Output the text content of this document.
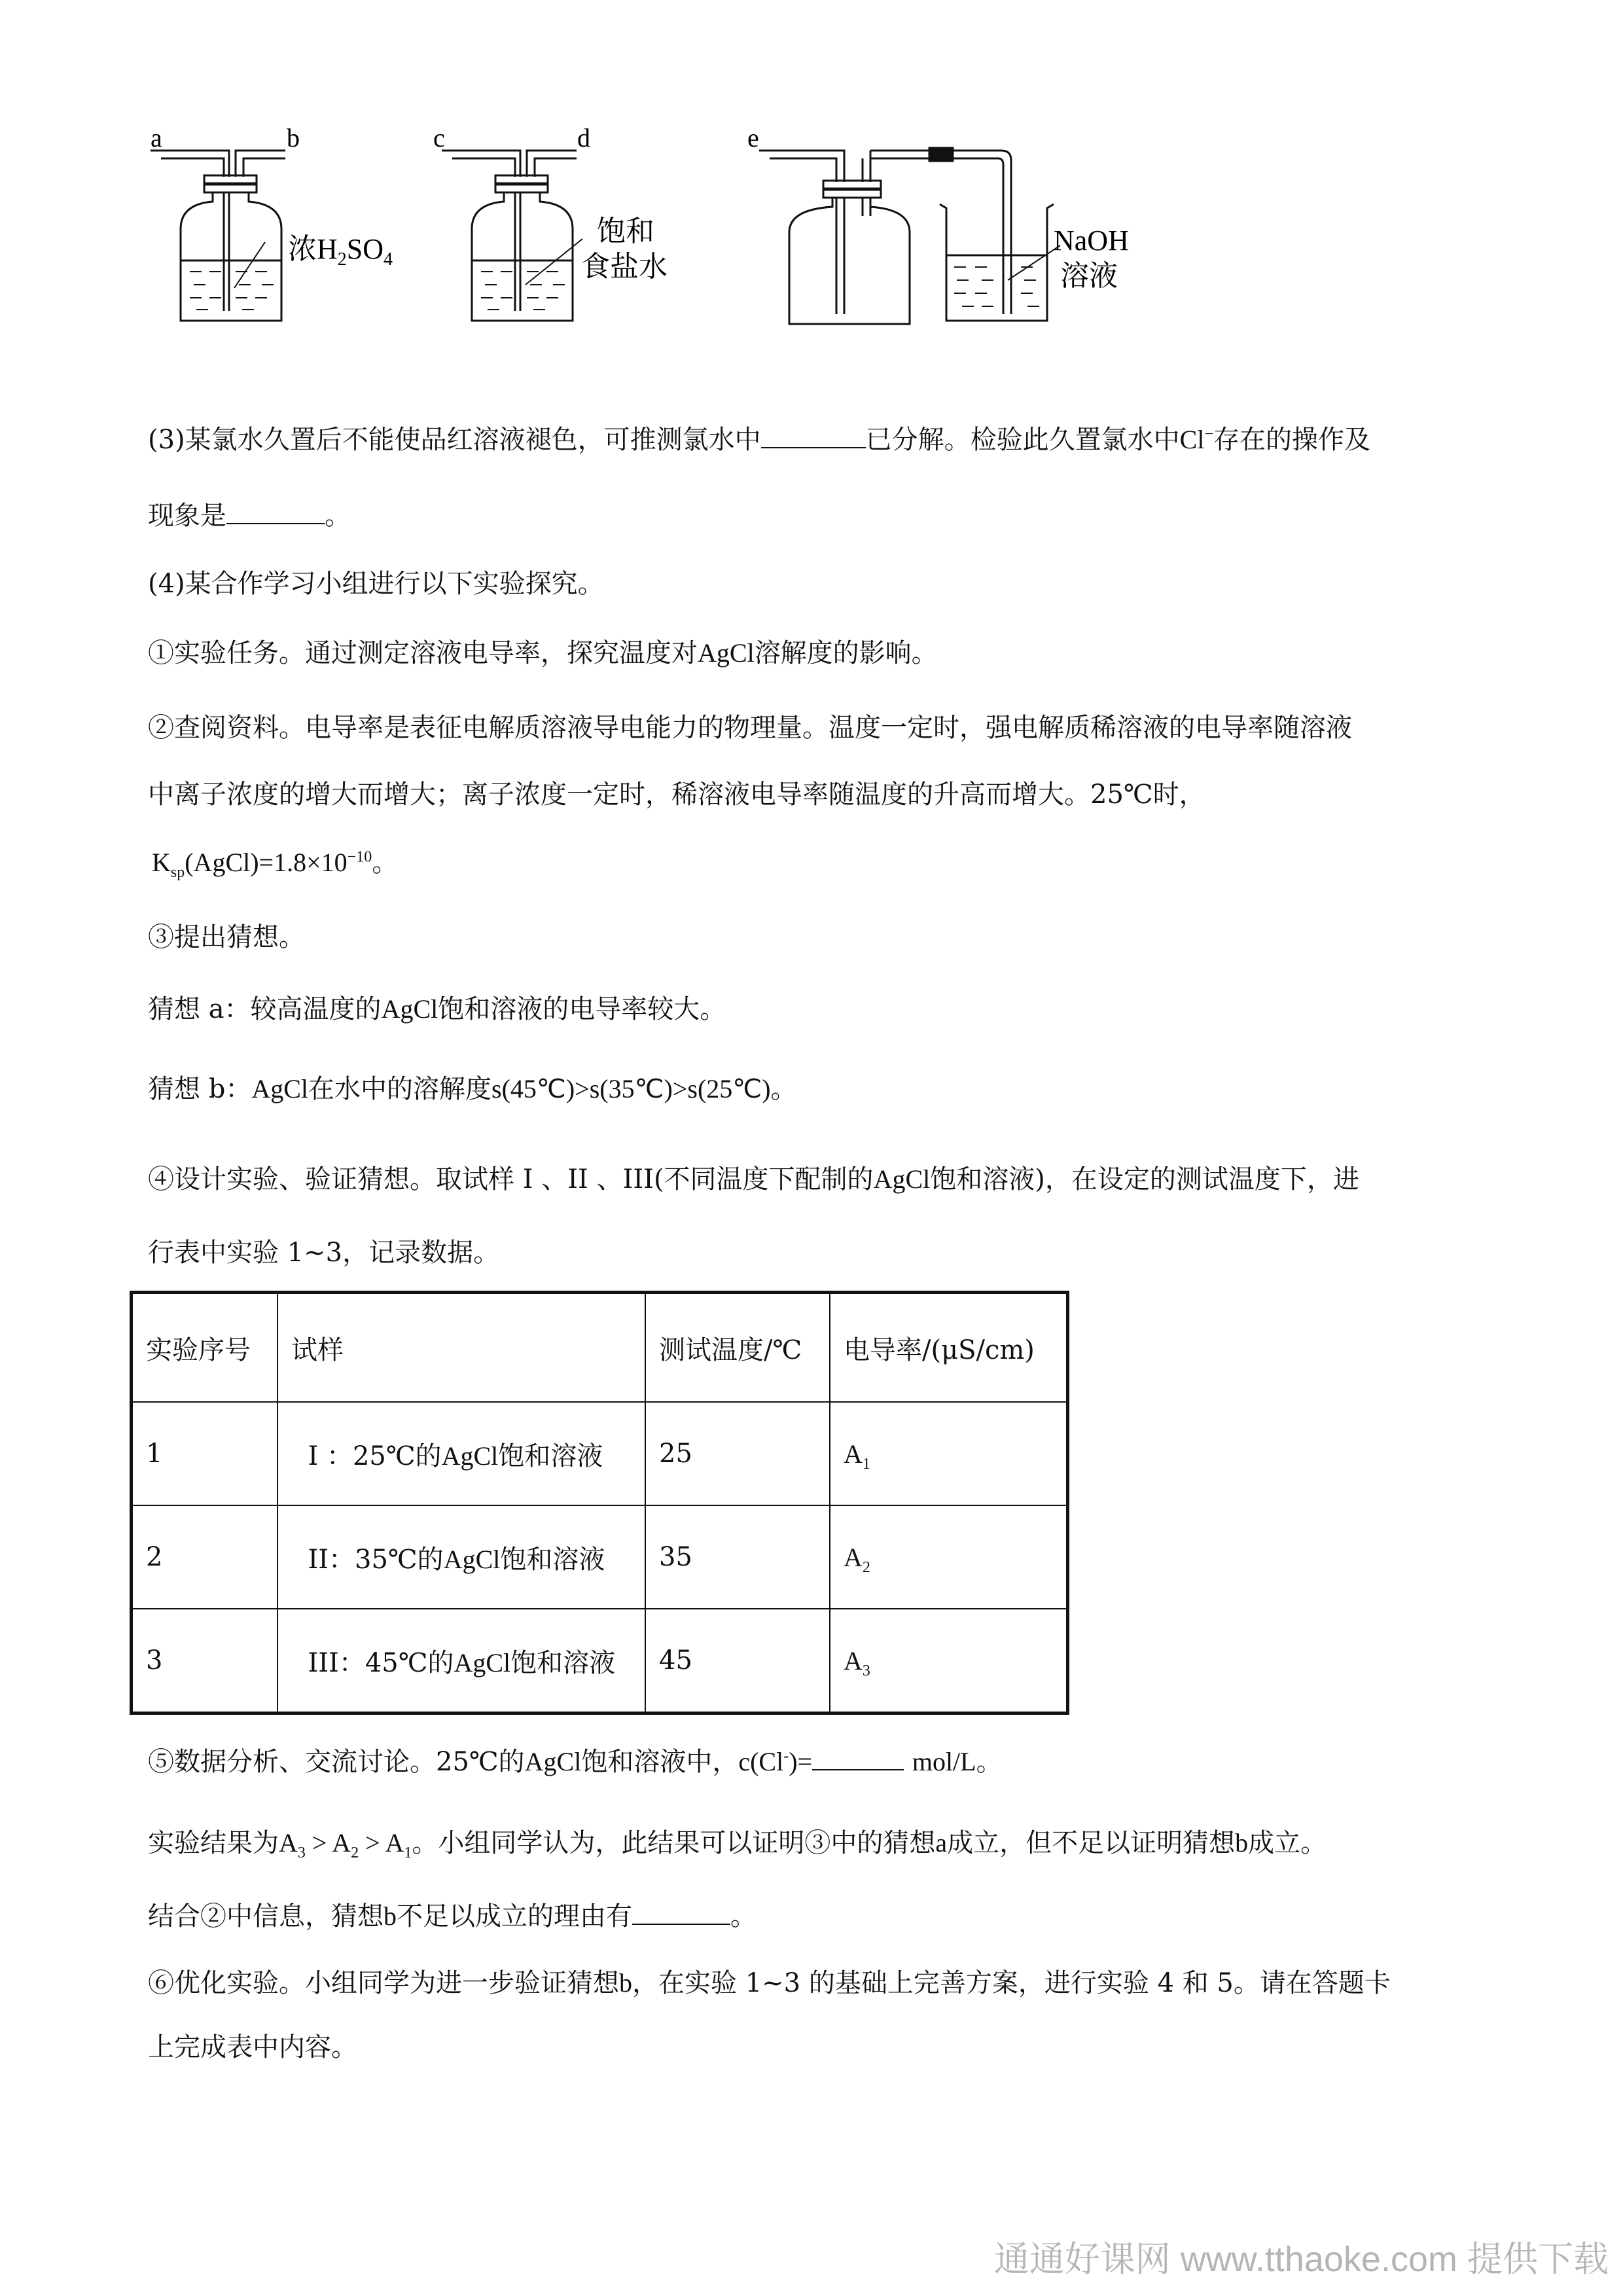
a	b	c	d	e
浓$H_2SO_4$
饱和
食盐水
NaOH
溶液
(3)某氯水久置后不能使品红溶液褪色，可推测氯水中	已分解。检验此久置氯水中Cl−存在的操作及
现象是	。
(4)某合作学习小组进行以下实验探究。
①实验任务。通过测定溶液电导率，探究温度对AgCl溶解度的影响。
②查阅资料。电导率是表征电解质溶液导电能力的物理量。温度一定时，强电解质稀溶液的电导率随溶液
中离子浓度的增大而增大；离子浓度一定时，稀溶液电导率随温度的升高而增大。25℃时，
$K_{sp}(AgCl)=1.8\times 10^{-10}$。
③提出猜想。
猜想 a：较高温度的AgCl饱和溶液的电导率较大。
猜想 b：AgCl在水中的溶解度s(45℃)>s(35℃)>s(25℃)。
④设计实验、验证猜想。取试样 I 、II 、III(不同温度下配制的AgCl饱和溶液)，在设定的测试温度下，进
行表中实验 1~3，记录数据。
实验序号	试样	测试温度/℃	电导率/(μS/cm)
1	I ：25℃的AgCl饱和溶液	25	$A_1$
2	II：35℃的AgCl饱和溶液	35	$A_2$
3	III：45℃的AgCl饱和溶液	45	$A_3$
⑤数据分析、交流讨论。25℃的AgCl饱和溶液中，c(Cl-)=	mol/L。
实验结果为$A_3 > A_2 > A_1$。小组同学认为，此结果可以证明③中的猜想a成立，但不足以证明猜想b成立。
结合②中信息，猜想b不足以成立的理由有	。
⑥优化实验。小组同学为进一步验证猜想b，在实验 1~3 的基础上完善方案，进行实验 4 和 5。请在答题卡
上完成表中内容。
通通好课网 www.tthaoke.com 提供下载
